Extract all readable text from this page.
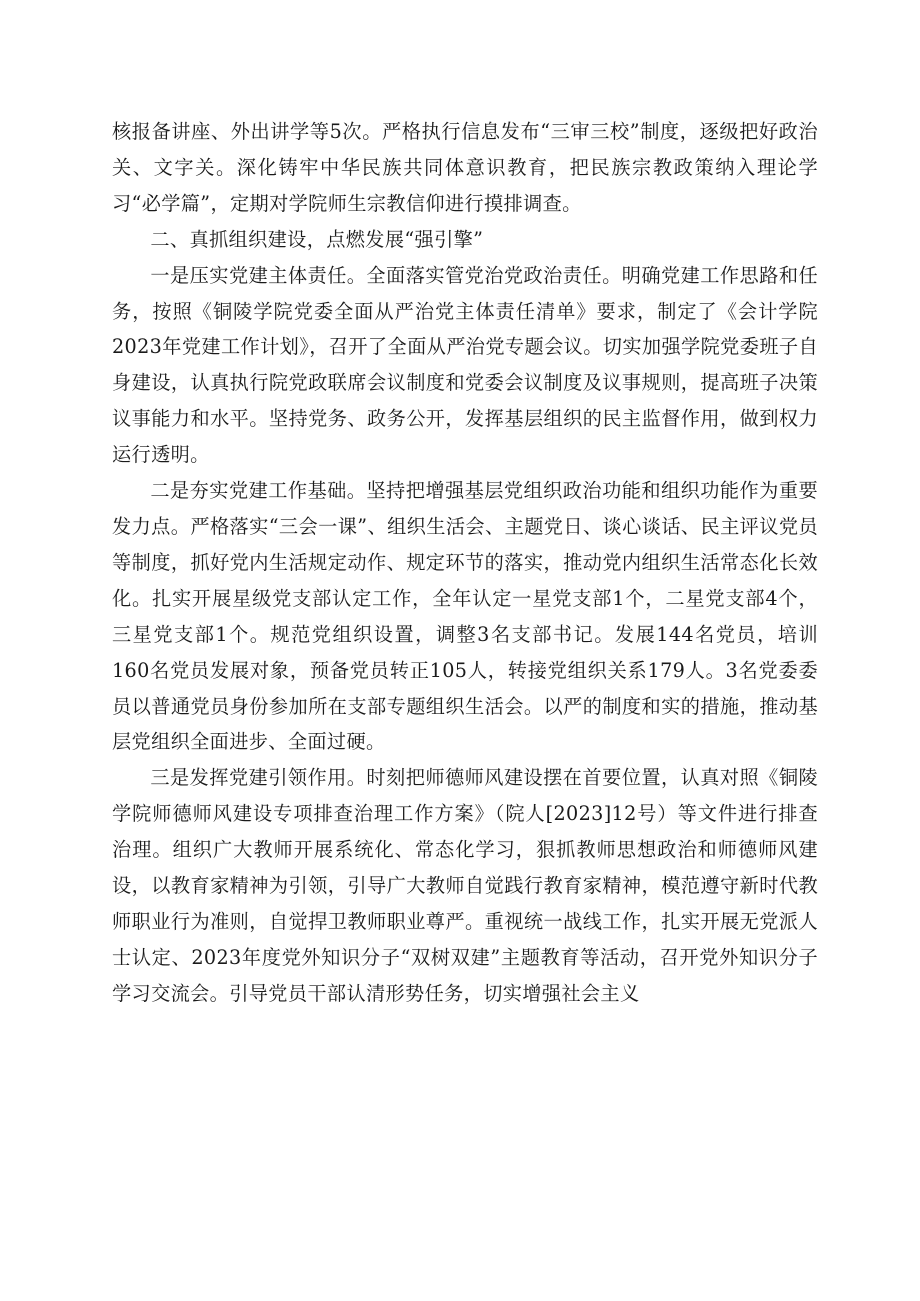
核报备讲座、外出讲学等5次。严格执行信息发布“三审三校”制度，逐级把好政治关、文字关。深化铸牢中华民族共同体意识教育，把民族宗教政策纳入理论学习“必学篇”，定期对学院师生宗教信仰进行摸排调查。

二、真抓组织建设，点燃发展“强引擎”

一是压实党建主体责任。全面落实管党治党政治责任。明确党建工作思路和任务，按照《铜陵学院党委全面从严治党主体责任清单》要求，制定了《会计学院2023年党建工作计划》，召开了全面从严治党专题会议。切实加强学院党委班子自身建设，认真执行院党政联席会议制度和党委会议制度及议事规则，提高班子决策议事能力和水平。坚持党务、政务公开，发挥基层组织的民主监督作用，做到权力运行透明。

二是夯实党建工作基础。坚持把增强基层党组织政治功能和组织功能作为重要发力点。严格落实“三会一课”、组织生活会、主题党日、谈心谈话、民主评议党员等制度，抓好党内生活规定动作、规定环节的落实，推动党内组织生活常态化长效化。扎实开展星级党支部认定工作，全年认定一星党支部1个，二星党支部4个，三星党支部1个。规范党组织设置，调整3名支部书记。发展144名党员，培训160名党员发展对象，预备党员转正105人，转接党组织关系179人。3名党委委员以普通党员身份参加所在支部专题组织生活会。以严的制度和实的措施，推动基层党组织全面进步、全面过硬。

三是发挥党建引领作用。时刻把师德师风建设摆在首要位置，认真对照《铜陵学院师德师风建设专项排查治理工作方案》（院人[2023]12号）等文件进行排查治理。组织广大教师开展系统化、常态化学习，狠抓教师思想政治和师德师风建设，以教育家精神为引领，引导广大教师自觉践行教育家精神，模范遵守新时代教师职业行为准则，自觉捍卫教师职业尊严。重视统一战线工作，扎实开展无党派人士认定、2023年度党外知识分子“双树双建”主题教育等活动，召开党外知识分子学习交流会。引导党员干部认清形势任务，切实增强社会主义
